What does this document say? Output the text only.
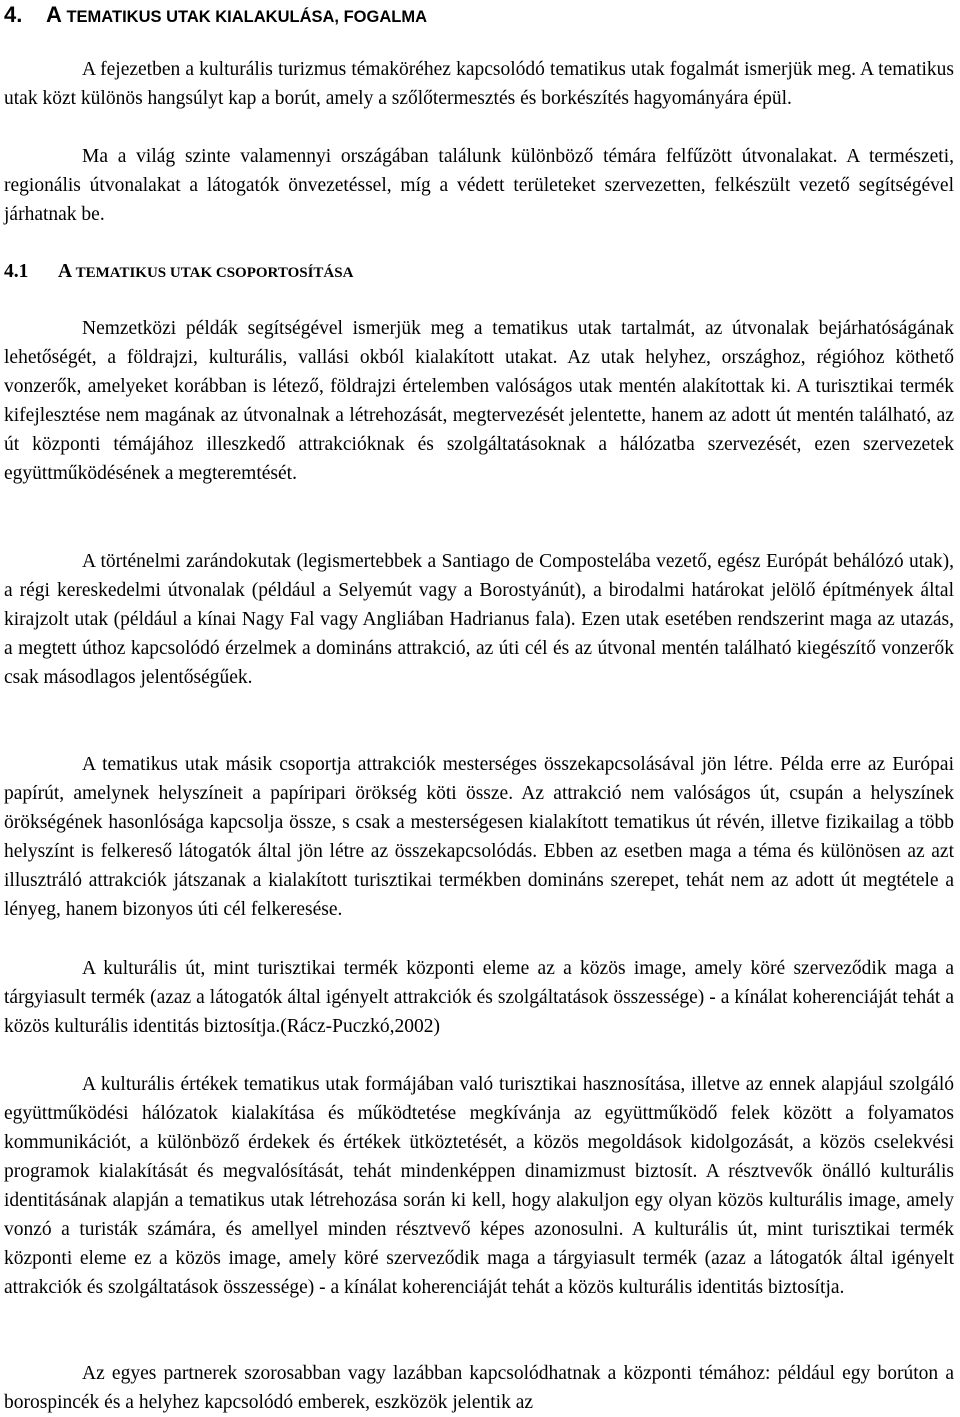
4. A TEMATIKUS UTAK KIALAKULÁSA, FOGALMA

A fejezetben a kulturális turizmus témaköréhez kapcsolódó tematikus utak fogalmát ismerjük meg. A tematikus utak közt különös hangsúlyt kap a borút, amely a szőlőtermesztés és borkészítés hagyományára épül.

Ma a világ szinte valamennyi országában találunk különböző témára felfűzött útvonalakat. A természeti, regionális útvonalakat a látogatók önvezetéssel, míg a védett területeket szervezetten, felkészült vezető segítségével járhatnak be.

4.1 A TEMATIKUS UTAK CSOPORTOSÍTÁSA

Nemzetközi példák segítségével ismerjük meg a tematikus utak tartalmát, az útvonalak bejárhatóságának lehetőségét, a földrajzi, kulturális, vallási okból kialakított utakat. Az utak helyhez, országhoz, régióhoz köthető vonzerők, amelyeket korábban is létező, földrajzi értelemben valóságos utak mentén alakítottak ki. A turisztikai termék kifejlesztése nem magának az útvonalnak a létrehozását, megtervezését jelentette, hanem az adott út mentén található, az út központi témájához illeszkedő attrakcióknak és szolgáltatásoknak a hálózatba szervezését, ezen szervezetek együttműködésének a megteremtését.

A történelmi zarándokutak (legismertebbek a Santiago de Compostelába vezető, egész Európát behálózó utak), a régi kereskedelmi útvonalak (például a Selyemút vagy a Borostyánút), a birodalmi határokat jelölő építmények által kirajzolt utak (például a kínai Nagy Fal vagy Angliában Hadrianus fala). Ezen utak esetében rendszerint maga az utazás, a megtett úthoz kapcsolódó érzelmek a domináns attrakció, az úti cél és az útvonal mentén található kiegészítő vonzerők csak másodlagos jelentőségűek.

A tematikus utak másik csoportja attrakciók mesterséges összekapcsolásával jön létre. Példa erre az Európai papírút, amelynek helyszíneit a papíripari örökség köti össze. Az attrakció nem valóságos út, csupán a helyszínek örökségének hasonlósága kapcsolja össze, s csak a mesterségesen kialakított tematikus út révén, illetve fizikailag a több helyszínt is felkereső látogatók által jön létre az összekapcsolódás. Ebben az esetben maga a téma és különösen az azt illusztráló attrakciók játszanak a kialakított turisztikai termékben domináns szerepet, tehát nem az adott út megtétele a lényeg, hanem bizonyos úti cél felkeresése.

A kulturális út, mint turisztikai termék központi eleme az a közös image, amely köré szerveződik maga a tárgyiasult termék (azaz a látogatók által igényelt attrakciók és szolgáltatások összessége) - a kínálat koherenciáját tehát a közös kulturális identitás biztosítja.(Rácz-Puczkó,2002)

A kulturális értékek tematikus utak formájában való turisztikai hasznosítása, illetve az ennek alapjául szolgáló együttműködési hálózatok kialakítása és működtetése megkívánja az együttműködő felek között a folyamatos kommunikációt, a különböző érdekek és értékek ütköztetését, a közös megoldások kidolgozását, a közös cselekvési programok kialakítását és megvalósítását, tehát mindenképpen dinamizmust biztosít. A résztvevők önálló kulturális identitásának alapján a tematikus utak létrehozása során ki kell, hogy alakuljon egy olyan közös kulturális image, amely vonzó a turisták számára, és amellyel minden résztvevő képes azonosulni. A kulturális út, mint turisztikai termék központi eleme ez a közös image, amely köré szerveződik maga a tárgyiasult termék (azaz a látogatók által igényelt attrakciók és szolgáltatások összessége) - a kínálat koherenciáját tehát a közös kulturális identitás biztosítja.

Az egyes partnerek szorosabban vagy lazábban kapcsolódhatnak a központi témához: például egy borúton a borospincék és a helyhez kapcsolódó emberek, eszközök jelentik az
